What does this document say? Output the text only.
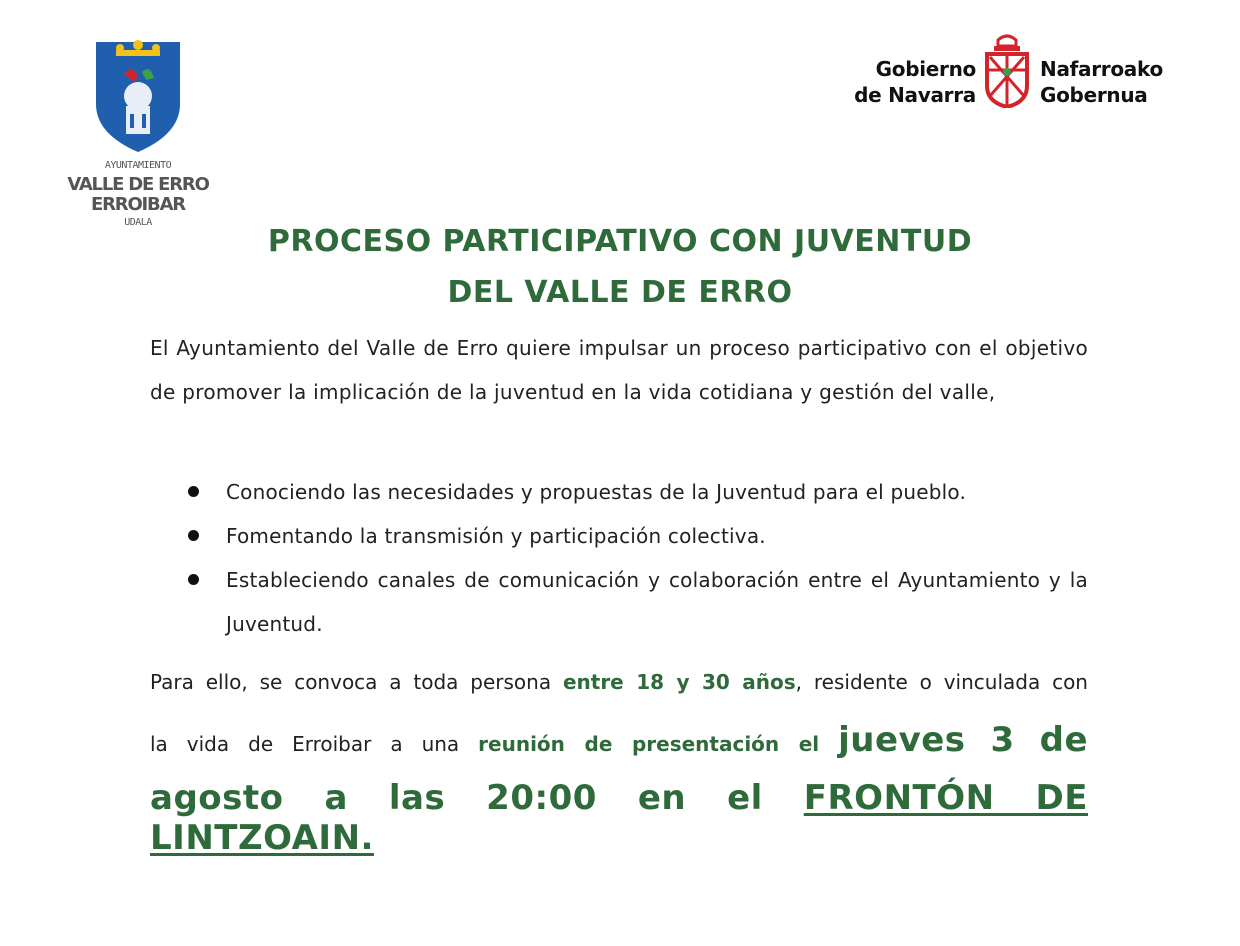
AYUNTAMIENTO
VALLE DE ERRO
ERROIBAR
UDALA
Gobierno
de Navarra
Nafarroako
Gobernua
PROCESO PARTICIPATIVO CON JUVENTUD
DEL VALLE DE ERRO
El Ayuntamiento del Valle de Erro quiere impulsar un proceso participativo con el objetivo de promover la implicación de la juventud en la vida cotidiana y gestión del valle,
Conociendo las necesidades y propuestas de la Juventud para el pueblo.
Fomentando la transmisión y participación colectiva.
Estableciendo canales de comunicación y colaboración entre el Ayuntamiento y la Juventud.
Para ello, se convoca a toda persona entre 18 y 30 años, residente o vinculada con
la vida de Erroibar a una reunión de presentación el jueves 3 de
agosto a las 20:00 en el FRONTÓN DE LINTZOAIN.
